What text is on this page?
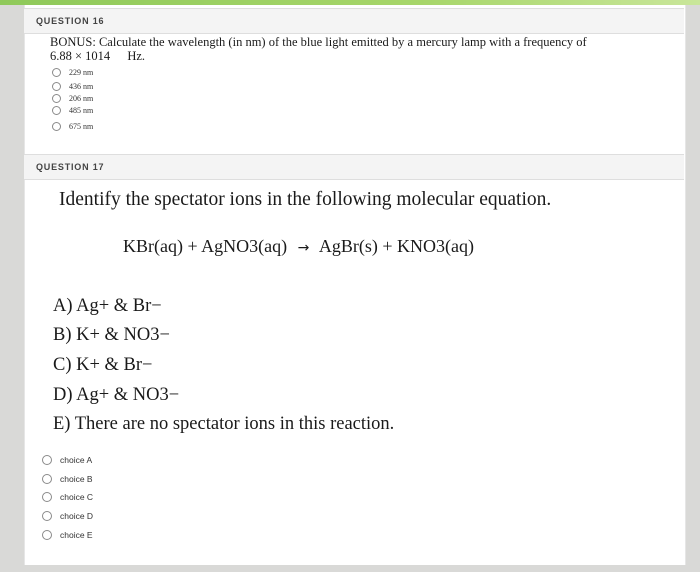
QUESTION 16
BONUS: Calculate the wavelength (in nm) of the blue light emitted by a mercury lamp with a frequency of
6.88 × 1014 Hz.
229 nm
436 nm
206 nm
485 nm
675 nm
QUESTION 17
Identify the spectator ions in the following molecular equation.
KBr(aq) + AgNO3(aq) → AgBr(s) + KNO3(aq)
A) Ag+ & Br−
B) K+ & NO3−
C) K+ & Br−
D) Ag+ & NO3−
E) There are no spectator ions in this reaction.
choice A
choice B
choice C
choice D
choice E
